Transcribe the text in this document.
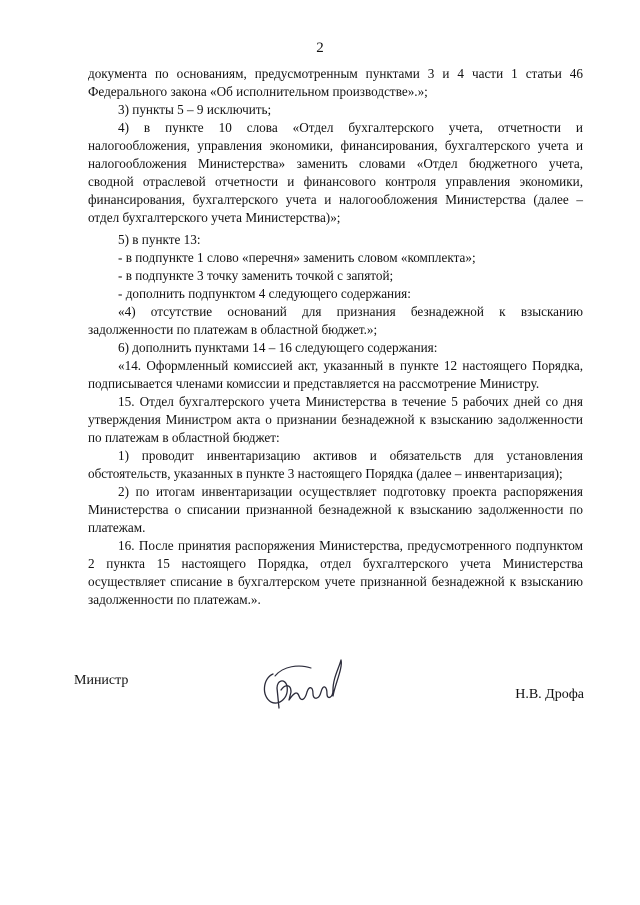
2

документа по основаниям, предусмотренным пунктами 3 и 4 части 1 статьи 46 Федерального закона «Об исполнительном производстве».»;

3) пункты 5 – 9 исключить;

4) в пункте 10 слова «Отдел бухгалтерского учета, отчетности и налогообложения, управления экономики, финансирования, бухгалтерского учета и налогообложения Министерства» заменить словами «Отдел бюджетного учета, сводной отраслевой отчетности и финансового контроля управления экономики, финансирования, бухгалтерского учета и налогообложения Министерства (далее – отдел бухгалтерского учета Министерства)»;

5) в пункте 13:

- в подпункте 1 слово «перечня» заменить словом «комплекта»;

- в подпункте 3 точку заменить точкой с запятой;

- дополнить подпунктом 4 следующего содержания:

«4) отсутствие оснований для признания безнадежной к взысканию задолженности по платежам в областной бюджет.»;

6) дополнить пунктами 14 – 16 следующего содержания:

«14. Оформленный комиссией акт, указанный в пункте 12 настоящего Порядка, подписывается членами комиссии и представляется на рассмотрение Министру.

15. Отдел бухгалтерского учета Министерства в течение 5 рабочих дней со дня утверждения Министром акта о признании безнадежной к взысканию задолженности по платежам в областной бюджет:

1) проводит инвентаризацию активов и обязательств для установления обстоятельств, указанных в пункте 3 настоящего Порядка (далее – инвентаризация);

2) по итогам инвентаризации осуществляет подготовку проекта распоряжения Министерства о списании признанной безнадежной к взысканию задолженности по платежам.

16. После принятия распоряжения Министерства, предусмотренного подпунктом 2 пункта 15 настоящего Порядка, отдел бухгалтерского учета Министерства осуществляет списание в бухгалтерском учете признанной безнадежной к взысканию задолженности по платежам.».

Министр
Н.В. Дрофа
